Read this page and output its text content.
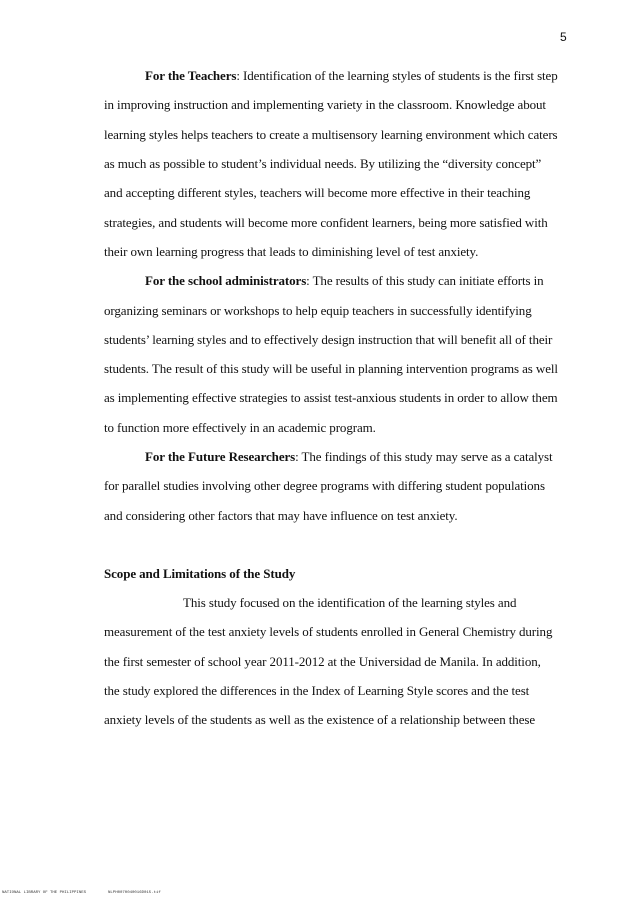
5
For the Teachers: Identification of the learning styles of students is the first step
in improving instruction and implementing variety in the classroom. Knowledge about
learning styles helps teachers to create a multisensory learning environment which caters
as much as possible to student’s individual needs. By utilizing the “diversity concept”
and accepting different styles, teachers will become more effective in their teaching
strategies, and students will become more confident learners, being more satisfied with
their own learning progress that leads to diminishing level of test anxiety.
For the school administrators: The results of this study can initiate efforts in
organizing seminars or workshops to help equip teachers in successfully identifying
students’ learning styles and to effectively design instruction that will benefit all of their
students. The result of this study will be useful in planning intervention programs as well
as implementing effective strategies to assist test-anxious students in order to allow them
to function more effectively in an academic program.
For the Future Researchers: The findings of this study may serve as a catalyst
for parallel studies involving other degree programs with differing student populations
and considering other factors that may have influence on test anxiety.
Scope and Limitations of the Study
This study focused on the identification of the learning styles and
measurement of the test anxiety levels of students enrolled in General Chemistry during
the first semester of school year 2011-2012 at the Universidad de Manila. In addition,
the study explored the differences in the Index of Learning Style scores and the test
anxiety levels of the students as well as the existence of a relationship between these
NATIONAL LIBRARY OF THE PHILIPPINES	NLPH0070040016D015.tif
